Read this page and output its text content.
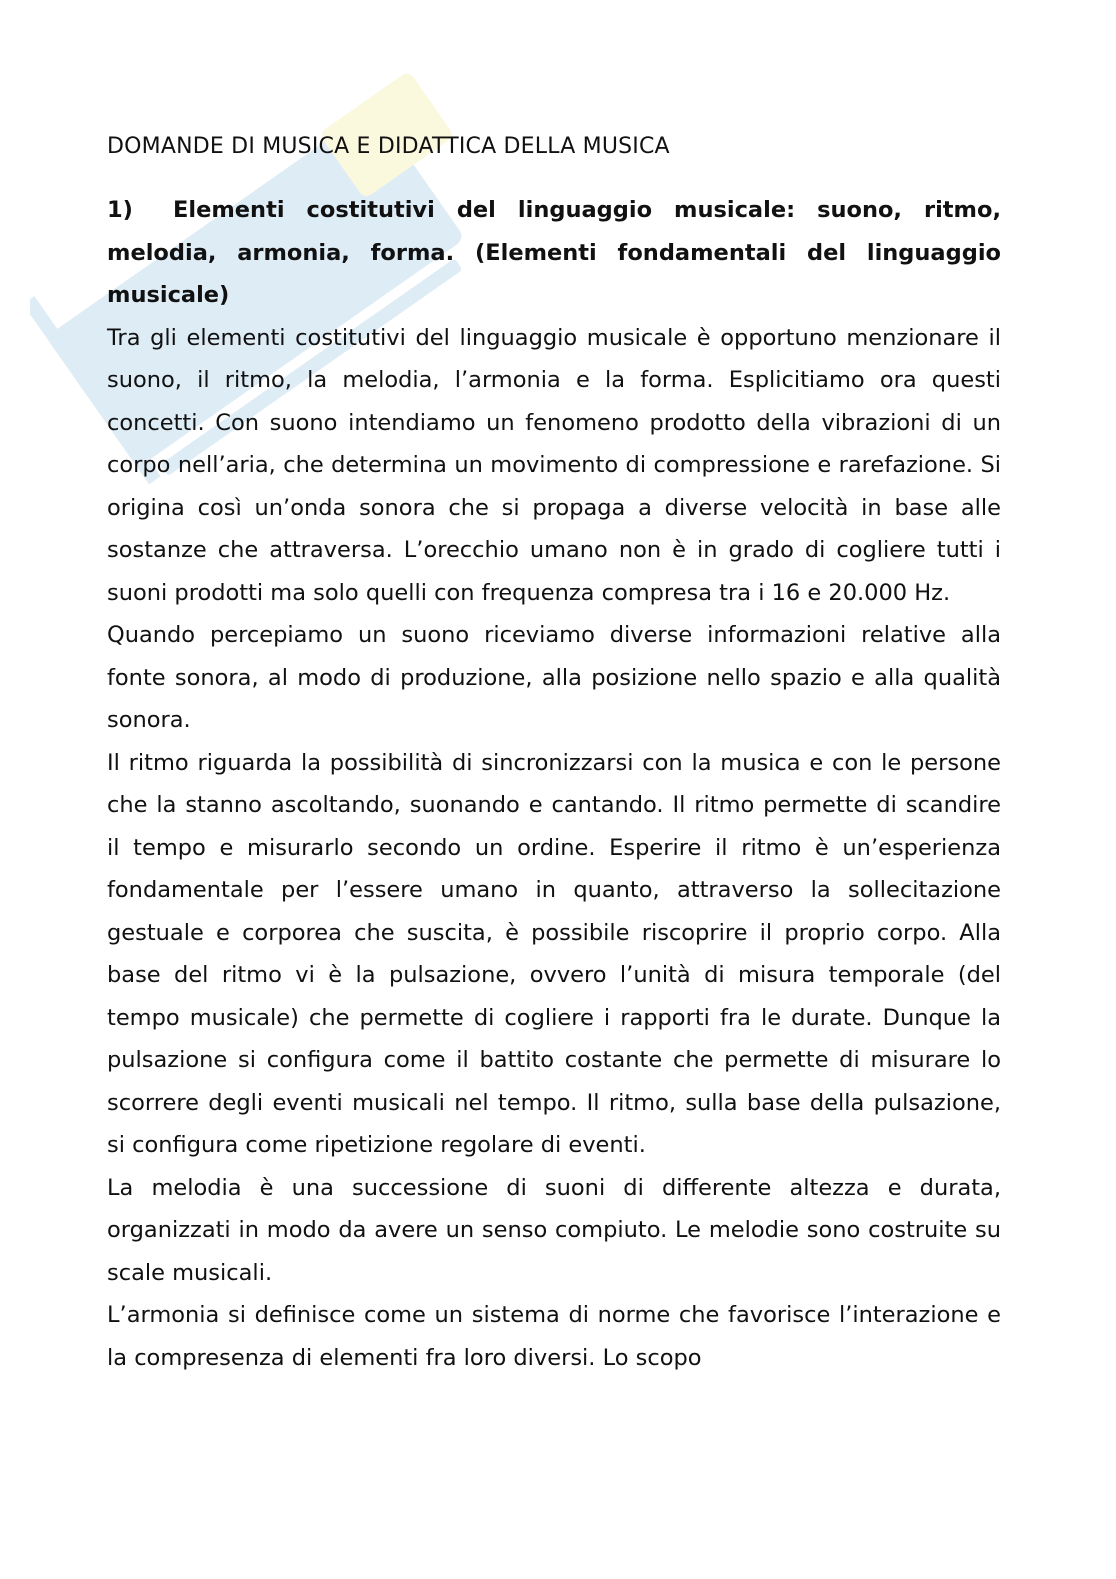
DOMANDE DI MUSICA E DIDATTICA DELLA MUSICA

1) Elementi costitutivi del linguaggio musicale: suono, ritmo, melodia, armonia, forma. (Elementi fondamentali del linguaggio musicale)

Tra gli elementi costitutivi del linguaggio musicale è opportuno menzionare il suono, il ritmo, la melodia, l’armonia e la forma. Esplicitiamo ora questi concetti. Con suono intendiamo un fenomeno prodotto della vibrazioni di un corpo nell’aria, che determina un movimento di compressione e rarefazione. Si origina così un’onda sonora che si propaga a diverse velocità in base alle sostanze che attraversa. L’orecchio umano non è in grado di cogliere tutti i suoni prodotti ma solo quelli con frequenza compresa tra i 16 e 20.000 Hz.

Quando percepiamo un suono riceviamo diverse informazioni relative alla fonte sonora, al modo di produzione, alla posizione nello spazio e alla qualità sonora.

Il ritmo riguarda la possibilità di sincronizzarsi con la musica e con le persone che la stanno ascoltando, suonando e cantando. Il ritmo permette di scandire il tempo e misurarlo secondo un ordine. Esperire il ritmo è un’esperienza fondamentale per l’essere umano in quanto, attraverso la sollecitazione gestuale e corporea che suscita, è possibile riscoprire il proprio corpo. Alla base del ritmo vi è la pulsazione, ovvero l’unità di misura temporale (del tempo musicale) che permette di cogliere i rapporti fra le durate. Dunque la pulsazione si configura come il battito costante che permette di misurare lo scorrere degli eventi musicali nel tempo. Il ritmo, sulla base della pulsazione, si configura come ripetizione regolare di eventi.

La melodia è una successione di suoni di differente altezza e durata, organizzati in modo da avere un senso compiuto. Le melodie sono costruite su scale musicali.

L’armonia si definisce come un sistema di norme che favorisce l’interazione e la compresenza di elementi fra loro diversi. Lo scopo
